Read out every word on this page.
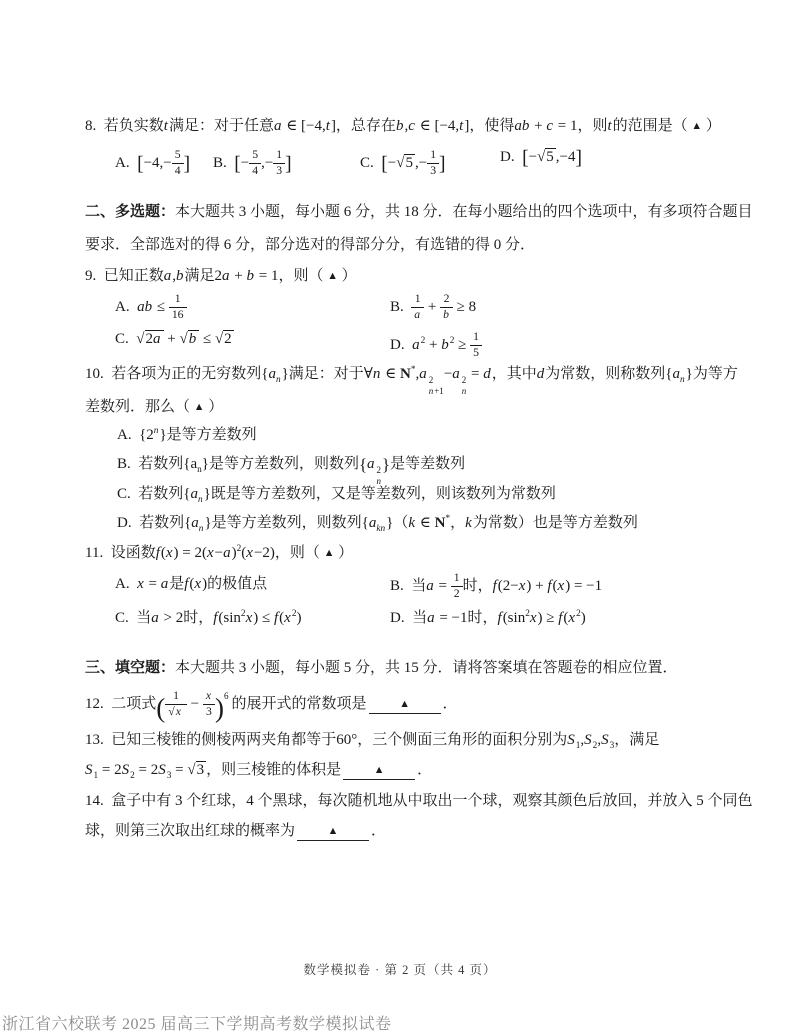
8. 若负实数t满足：对于任意a ∈ [−4,t]，总存在b,c ∈ [−4,t]，使得ab + c = 1，则t的范围是（ ▲ ）
A. [$-4,- \frac{5}{4}$ ] B. [− $\frac{5}{4}$ ,− $\frac{1}{3}$ ]	C. [−√5 ,− $\frac{1}{3}$ ]	D. [−√5 ,−4]
二、多选题：本大题共 3 小题，每小题 6 分，共 18 分．在每小题给出的四个选项中，有多项符合题目
要求．全部选对的得 6 分，部分选对的得部分分，有选错的得 0 分．
9. 已知正数a,b满足2a + b = 1，则（ ▲ ）
A. ab ≤ $\frac{1}{16}$	B.  $\frac{1}{a} + \frac{2}{b} \ge 8$
C. √2a + √b ≤ √2	D. $a^2 + b^2 \ge \frac{1}{5}$
10. 若各项为正的无穷数列$\{a_n\}$满足：对于∀n ∈ N*,a 2
n+1
−a 2
n
= d，其中d为常数，则称数列$\{a_n\}$为等方
差数列．那么（ ▲ ）
A. {2$^n$}是等方差数列
B. 若数列$\{a_n\}$是等方差数列，则数列{a 2
n
}是等差数列
C. 若数列$\{a_n\}$既是等方差数列，又是等差数列，则该数列为常数列
D. 若数列$\{a_n\}$是等方差数列，则数列$\{a_{kn}\}(k$ ∈ N*，k为常数）也是等方差数列
11. 设函数$f(x) = 2(x-a)^2(x-2)$，则（ ▲ ）
A. x = a是f(x)的极值点	B. 当$a = \frac{1}{2}$ 时，f(2−x) + f(x) = −1
C. 当a > 2时，$f(\sin^2x) \le f(x^2)$	D. 当a = −1时，$f(\sin^2x) \ge f(x^2)$
三、填空题：本大题共 3 小题，每小题 5 分，共 15 分．请将答案填在答题卷的相应位置．
12. 二项式( $\frac{1}{√x} - \frac{x}{3} )^6$ 的展开式的常数项是	▲ ．
13. 已知三棱锥的侧棱两两夹角都等于60°，三个侧面三角形的面积分别为$S_1,S_2,S_3$，满足
$S_1 = 2S_2 = 2S_3 = √3$ ，则三棱锥的体积是	▲ ．
14. 盒子中有 3 个红球，4 个黑球，每次随机地从中取出一个球，观察其颜色后放回，并放入 5 个同色
球，则第三次取出红球的概率为	▲ ．
数学模拟卷 · 第 2 页（共 4 页）
浙江省六校联考 2025 届高三下学期高考数学模拟试卷
